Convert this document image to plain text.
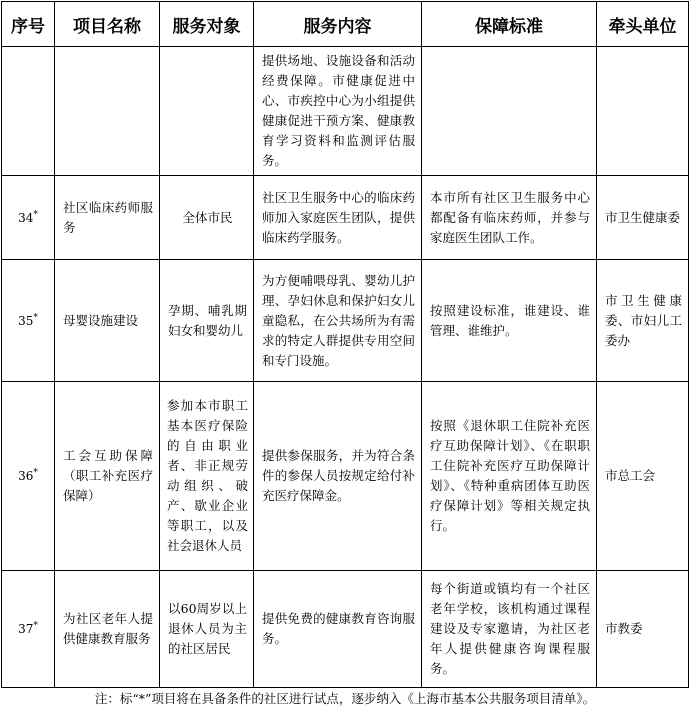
序号	项目名称	服务对象	服务内容	保障标准	牵头单位

			提供场地、设施设备和活动经费保障。市健康促进中心、市疾控中心为小组提供健康促进干预方案、健康教育学习资料和监测评估服务。		

34*	社区临床药师服务	全体市民	社区卫生服务中心的临床药师加入家庭医生团队，提供临床药学服务。	本市所有社区卫生服务中心都配备有临床药师，并参与家庭医生团队工作。	市卫生健康委

35*	母婴设施建设	孕期、哺乳期妇女和婴幼儿	为方便哺喂母乳、婴幼儿护理、孕妇休息和保护妇女儿童隐私，在公共场所为有需求的特定人群提供专用空间和专门设施。	按照建设标准，谁建设、谁管理、谁维护。	市卫生健康委、市妇儿工委办

36*	工会互助保障（职工补充医疗保障）	参加本市职工基本医疗保险的自由职业者、非正规劳动组织、破产、歇业企业等职工，以及社会退休人员	提供参保服务，并为符合条件的参保人员按规定给付补充医疗保障金。	按照《退休职工住院补充医疗互助保障计划》、《在职职工住院补充医疗互助保障计划》、《特种重病团体互助医疗保障计划》等相关规定执行。	市总工会

37*	为社区老年人提供健康教育服务	以60周岁以上退休人员为主的社区居民	提供免费的健康教育咨询服务。	每个街道或镇均有一个社区老年学校，该机构通过课程建设及专家邀请，为社区老年人提供健康咨询课程服务。	市教委
注：标“*”项目将在具备条件的社区进行试点，逐步纳入《上海市基本公共服务项目清单》。
